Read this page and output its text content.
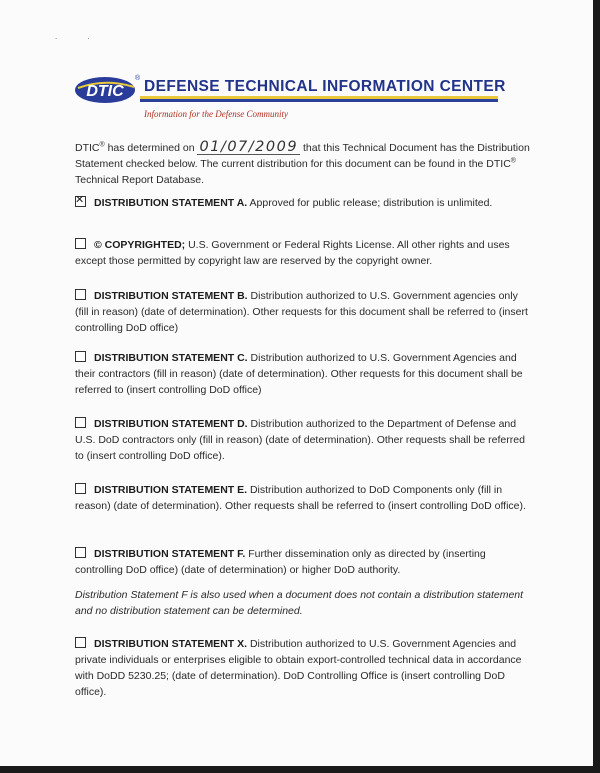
..
DTIC
® DEFENSE TECHNICAL INFORMATION CENTER
Information for the Defense Community
DTIC® has determined on 01/07/2009 that this Technical Document has the Distribution Statement checked below. The current distribution for this document can be found in the DTIC® Technical Report Database.
✕DISTRIBUTION STATEMENT A. Approved for public release; distribution is unlimited.
© COPYRIGHTED; U.S. Government or Federal Rights License. All other rights and uses except those permitted by copyright law are reserved by the copyright owner.
DISTRIBUTION STATEMENT B. Distribution authorized to U.S. Government agencies only (fill in reason) (date of determination). Other requests for this document shall be referred to (insert controlling DoD office)
DISTRIBUTION STATEMENT C. Distribution authorized to U.S. Government Agencies and their contractors (fill in reason) (date of determination). Other requests for this document shall be referred to (insert controlling DoD office)
DISTRIBUTION STATEMENT D. Distribution authorized to the Department of Defense and U.S. DoD contractors only (fill in reason) (date of determination). Other requests shall be referred to (insert controlling DoD office).
DISTRIBUTION STATEMENT E. Distribution authorized to DoD Components only (fill in reason) (date of determination). Other requests shall be referred to (insert controlling DoD office).
DISTRIBUTION STATEMENT F. Further dissemination only as directed by (inserting controlling DoD office) (date of determination) or higher DoD authority.
Distribution Statement F is also used when a document does not contain a distribution statement and no distribution statement can be determined.
DISTRIBUTION STATEMENT X. Distribution authorized to U.S. Government Agencies and private individuals or enterprises eligible to obtain export-controlled technical data in accordance with DoDD 5230.25; (date of determination). DoD Controlling Office is (insert controlling DoD office).
